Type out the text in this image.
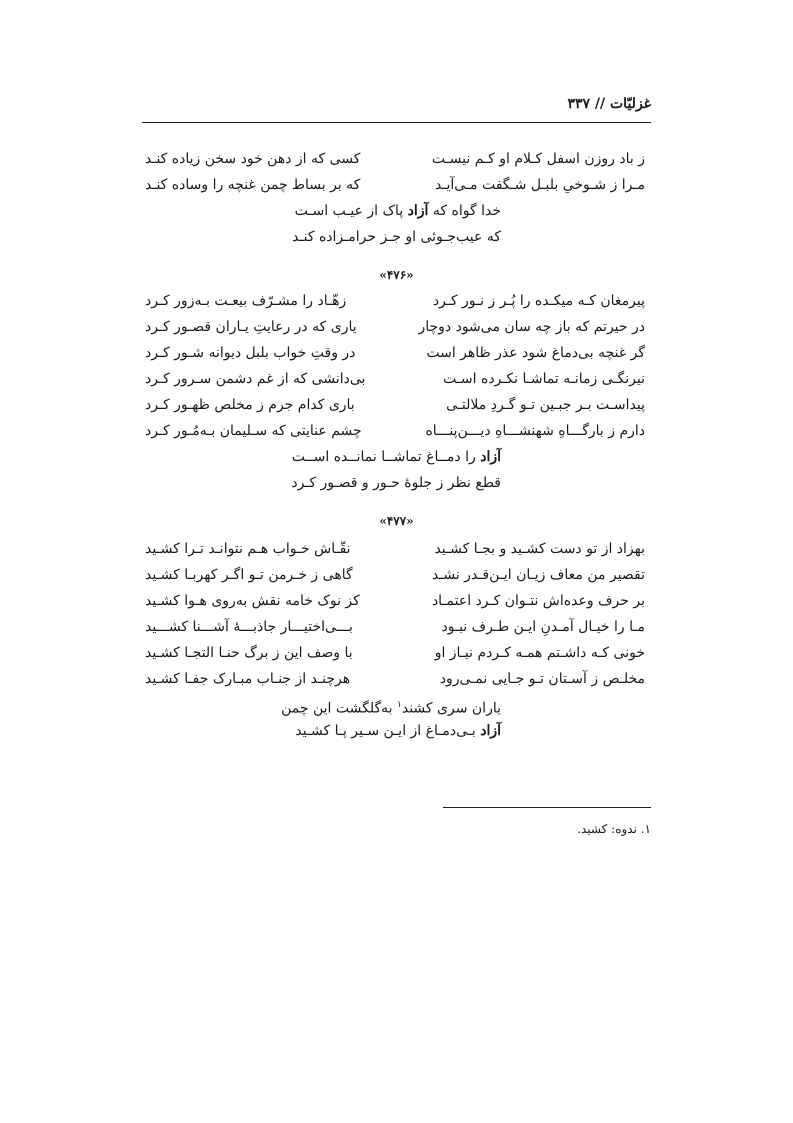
غزلیّات // ۳۳۷
ز باد روزن اسفل کـلام او کـم نیسـت
کسی که از دهن خود سخن زیاده کنـد
مـرا ز شـوخیِ بلبـل شـگفت مـی‌آیـد
که بر بساط چمن غنچه را وساده کنـد
خدا گواه که آزاد پاک از عیـب اسـت
که عیب‌جـوئی او جـز حرامـزاده کنـد
«۴۷۶»
پیرمغان کـه میکـده را پُـر ز نـور کـرد
زهّـاد را مشـرّف بیعـت بـه‌زور کـرد
در حیرتم که باز چه سان می‌شود دوچار
یاری که در رعایتِ یـاران قصـور کـرد
گر غنچه بی‌دماغ شود عذر ظاهر است
در وقتِ خواب بلبل دیوانه شـور کـرد
نیرنگـی زمانـه تماشـا نکـرده اسـت
بی‌دانشی که از غم دشمن سـرور کـرد
پیداسـت بـر جبـین تـو گـردِ ملالتـی
باری کدام جرم ز مخلص ظهـور کـرد
دارم ز بارگـــاهِ شهنشـــاهِ دیـــن‌پنـــاه
چشم عنایتی که سـلیمان بـه‌مُـور کـرد
آزاد را دمــاغ تماشــا نمانــده اســت
قطع نظر ز جلوهٔ حـور و قصـور کـرد
«۴۷۷»
بهزاد از تو دست کشـید و بجـا کشـید
نقّـاش خـواب هـم نتوانـد تـرا کشـید
تقصیر من معاف زیـان ایـن‌قـدر نشـد
گاهی ز خـرمن تـو اگـر کهربـا کشـید
بر حرف وعده‌اش نتـوان کـرد اعتمـاد
کز نوک خامه نقش به‌روی هـوا کشـید
مـا را خیـال آمـدنِ ایـن طـرف نبـود
بـــی‌اختیـــار جاذبـــهٔ آشـــنا کشـــید
خونی کـه داشـتم همـه کـردم نیـاز او
با وصف این ز برگ حنـا التجـا کشـید
مخلـص ز آسـتان تـو جـایی نمـی‌رود
هرچنـد از جنـاب مبـارک جفـا کشـید
یاران سری کشند$^۱$ به‌گلگشت این چمن
آزاد بـی‌دمـاغ از ایـن سـیر پـا کشـید
۱. ندوه: کشید.
